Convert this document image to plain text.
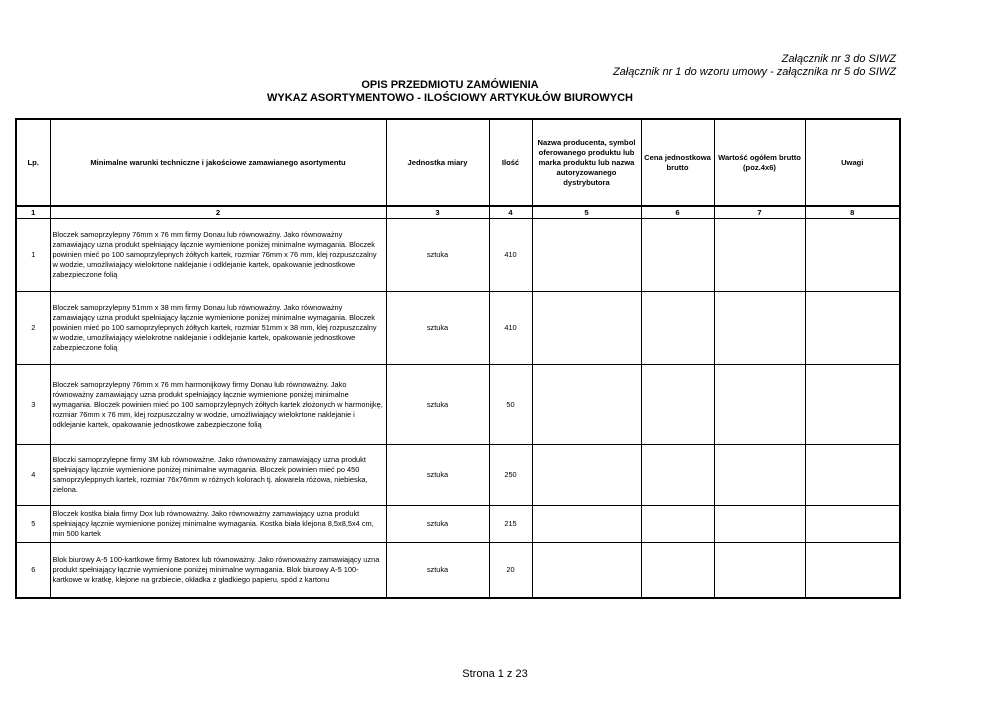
Załącznik nr 3 do SIWZ
Załącznik nr 1 do wzoru umowy - załącznika nr 5 do SIWZ
OPIS PRZEDMIOTU ZAMÓWIENIA
WYKAZ ASORTYMENTOWO - ILOŚCIOWY ARTYKUŁÓW BIUROWYCH
Lp.	Minimalne warunki techniczne i jakościowe zamawianego asortymentu	Jednostka miary	Ilość	Nazwa producenta, symbol oferowanego produktu lub marka produktu lub nazwa autoryzowanego dystrybutora	Cena jednostkowa brutto	Wartość ogółem brutto (poz.4x6)	Uwagi
1	2	3	4	5	6	7	8
1	Bloczek samoprzylepny 76mm x 76 mm firmy Donau lub równoważny. Jako równoważny zamawiający uzna produkt spełniający łącznie wymienione poniżej minimalne wymagania. Bloczek powinien mieć po 100 samoprzylepnych żółtych kartek, rozmiar 76mm x 76 mm, klej rozpuszczalny w wodzie, umożliwiający wielokrtone naklejanie i odklejanie kartek, opakowanie jednostkowe zabezpieczone folią	sztuka	410				
2	Bloczek samoprzylepny 51mm x 38 mm firmy Donau lub równoważny. Jako równoważny zamawiający uzna produkt spełniający łącznie wymienione poniżej minimalne wymagania. Bloczek powinien mieć po 100 samoprzylepnych żółtych kartek, rozmiar 51mm x 38 mm, klej rozpuszczalny w wodzie, umożliwiający wielokrotne naklejanie i odklejanie kartek, opakowanie jednostkowe zabezpieczone folią	sztuka	410				
3	Bloczek samoprzylepny 76mm x 76 mm harmonijkowy firmy Donau lub równoważny. Jako równoważny zamawiający uzna produkt spełniający łącznie wymienione poniżej minimalne wymagania. Bloczek powinien mieć po 100 samoprzylepnych żółtych kartek złożonych w harmonijkę, rozmiar 76mm x 76 mm, klej rozpuszczalny w wodzie, umożliwiający wielokrtone naklejanie i odklejanie kartek, opakowanie jednostkowe zabezpieczone folią	sztuka	50				
4	Bloczki samoprzylepne firmy 3M lub równoważne. Jako równoważny zamawiający uzna produkt spełniający łącznie wymienione poniżej minimalne wymagania. Bloczek powinien mieć po 450 samoprzyleppnych kartek, rozmiar 76x76mm w różnych kolorach tj. akwarela różowa, niebieska, zielona.	sztuka	250				
5	Bloczek kostka biała firmy Dox lub równoważny. Jako równoważny zamawiający uzna produkt spełniający łącznie wymienione poniżej minimalne wymagania. Kostka biała klejona 8,5x8,5x4 cm, min 500 kartek	sztuka	215				
6	Blok biurowy A-5 100-kartkowe firmy Batorex lub równoważny. Jako równoważny zamawiający uzna produkt spełniający łącznie wymienione poniżej minimalne wymagania. Blok biurowy A-5 100-kartkowe w kratkę, klejone na grzbiecie, okładka z gładkiego papieru, spód z kartonu	sztuka	20				
Strona 1 z 23
